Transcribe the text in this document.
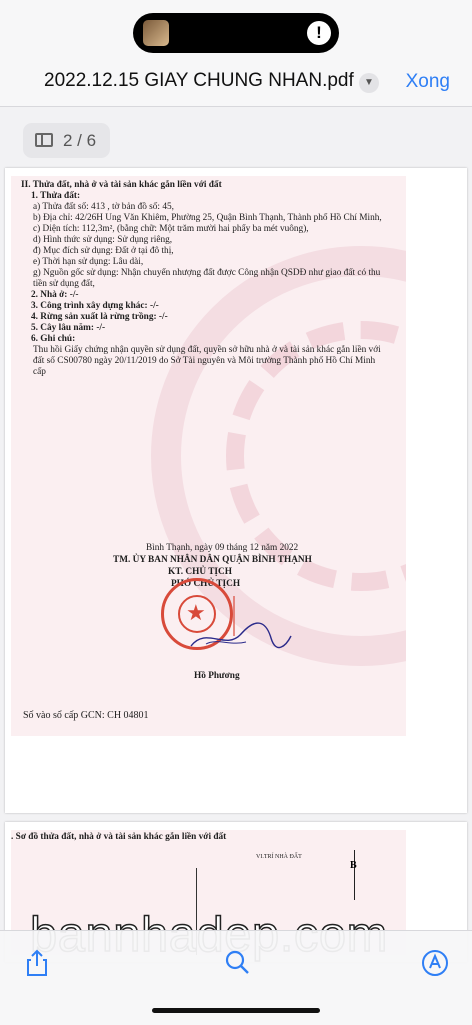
!
2022.12.15 GIAY CHUNG NHAN.pdf	▼ Xong
2 / 6
II. Thửa đất, nhà ở và tài sản khác gắn liền với đất
1. Thửa đất:
a) Thửa đất số: 413 , tờ bản đồ số: 45,
b) Địa chỉ: 42/26H Ung Văn Khiêm, Phường 25, Quận Bình Thạnh, Thành phố Hồ Chí Minh,
c) Diện tích: 112,3m², (bằng chữ: Một trăm mười hai phẩy ba mét vuông),
d) Hình thức sử dụng: Sử dụng riêng,
đ) Mục đích sử dụng: Đất ở tại đô thị,
e) Thời hạn sử dụng: Lâu dài,
g) Nguồn gốc sử dụng: Nhận chuyển nhượng đất được Công nhận QSDĐ như giao đất có thu
tiền sử dụng đất,
2. Nhà ở: -/-
3. Công trình xây dựng khác: -/-
4. Rừng sản xuất là rừng trồng: -/-
5. Cây lâu năm: -/-
6. Ghi chú:
Thu hồi Giấy chứng nhận quyền sử dụng đất, quyền sở hữu nhà ở và tài sản khác gắn liền với
đất số CS00780 ngày 20/11/2019 do Sở Tài nguyên và Môi trường Thành phố Hồ Chí Minh
cấp
Bình Thạnh, ngày 09 tháng 12 năm 2022
TM. ỦY BAN NHÂN DÂN QUẬN BÌNH THẠNH
KT. CHỦ TỊCH
PHÓ CHỦ TỊCH
★
Hồ Phương
Số vào sổ cấp GCN: CH 04801
. Sơ đồ thửa đất, nhà ở và tài sản khác gắn liền với đất
VI.TRÍ NHÀ ĐẤT
B
